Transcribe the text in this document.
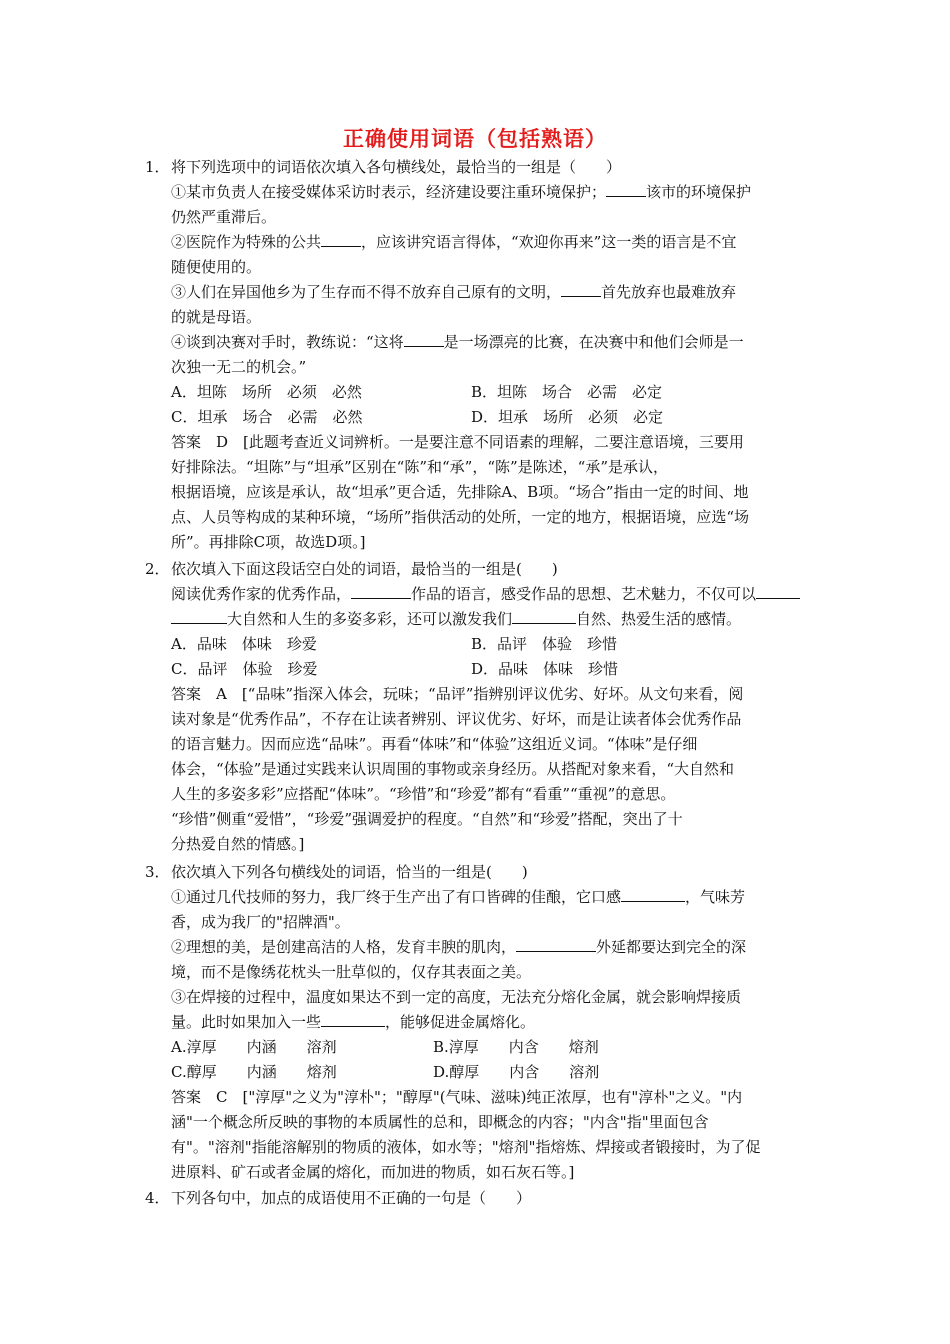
正确使用词语（包括熟语）
1． 将下列选项中的词语依次填入各句横线处，最恰当的一组是（　　）
①某市负责人在接受媒体采访时表示，经济建设要注重环境保护；	该市的环境保护
仍然严重滞后。
②医院作为特殊的公共	，应该讲究语言得体，“欢迎你再来”这一类的语言是不宜
随便使用的。
③人们在异国他乡为了生存而不得不放弃自己原有的文明，	首先放弃也最难放弃
的就是母语。
④谈到决赛对手时，教练说：“这将	是一场漂亮的比赛，在决赛中和他们会师是一
次独一无二的机会。”
A．坦陈　场所　必须　必然	B．坦陈　场合　必需　必定
C．坦承　场合　必需　必然	D．坦承　场所　必须　必定
答案　D　[此题考查近义词辨析。一是要注意不同语素的理解，二要注意语境，三要用
好排除法。“坦陈”与“坦承”区别在“陈”和“承”，“陈”是陈述，“承”是承认，
根据语境，应该是承认，故“坦承”更合适，先排除A、B项。“场合”指由一定的时间、地
点、人员等构成的某种环境，“场所”指供活动的处所，一定的地方，根据语境，应选“场
所”。再排除C项，故选D项。]
2． 依次填入下面这段话空白处的词语，最恰当的一组是(　　)
阅读优秀作家的优秀作品，	作品的语言，感受作品的思想、艺术魅力，不仅可以
大自然和人生的多姿多彩，还可以激发我们	自然、热爱生活的感情。
A．品味　体味　珍爱	B．品评　体验　珍惜
C．品评　体验　珍爱	D．品味　体味　珍惜
答案　A　[“品味”指深入体会，玩味；“品评”指辨别评议优劣、好坏。从文句来看，阅
读对象是“优秀作品”，不存在让读者辨别、评议优劣、好坏，而是让读者体会优秀作品
的语言魅力。因而应选“品味”。再看“体味”和“体验”这组近义词。“体味”是仔细
体会，“体验”是通过实践来认识周围的事物或亲身经历。从搭配对象来看，“大自然和
人生的多姿多彩”应搭配“体味”。“珍惜”和“珍爱”都有“看重”“重视”的意思。
“珍惜”侧重“爱惜”，“珍爱”强调爱护的程度。“自然”和“珍爱”搭配，突出了十
分热爱自然的情感。]
3． 依次填入下列各句横线处的词语，恰当的一组是(　　)
①通过几代技师的努力，我厂终于生产出了有口皆碑的佳酿，它口感	，气味芳
香，成为我厂的"招牌酒"。
②理想的美，是创建高洁的人格，发育丰腴的肌肉，	外延都要达到完全的深
境，而不是像绣花枕头一肚草似的，仅存其表面之美。
③在焊接的过程中，温度如果达不到一定的高度，无法充分熔化金属，就会影响焊接质
量。此时如果加入一些	，能够促进金属熔化。
A.淳厚　　内涵　　溶剂	B.淳厚　　内含　　熔剂
C.醇厚　　内涵　　熔剂	D.醇厚　　内含　　溶剂
答案　C　["淳厚"之义为"淳朴"；"醇厚"(气味、滋味)纯正浓厚，也有"淳朴"之义。"内
涵"一个概念所反映的事物的本质属性的总和，即概念的内容；"内含"指"里面包含
有"。"溶剂"指能溶解别的物质的液体，如水等；"熔剂"指熔炼、焊接或者锻接时，为了促
进原料、矿石或者金属的熔化，而加进的物质，如石灰石等。]
4． 下列各句中，加点的成语使用不正确的一句是（　　）
